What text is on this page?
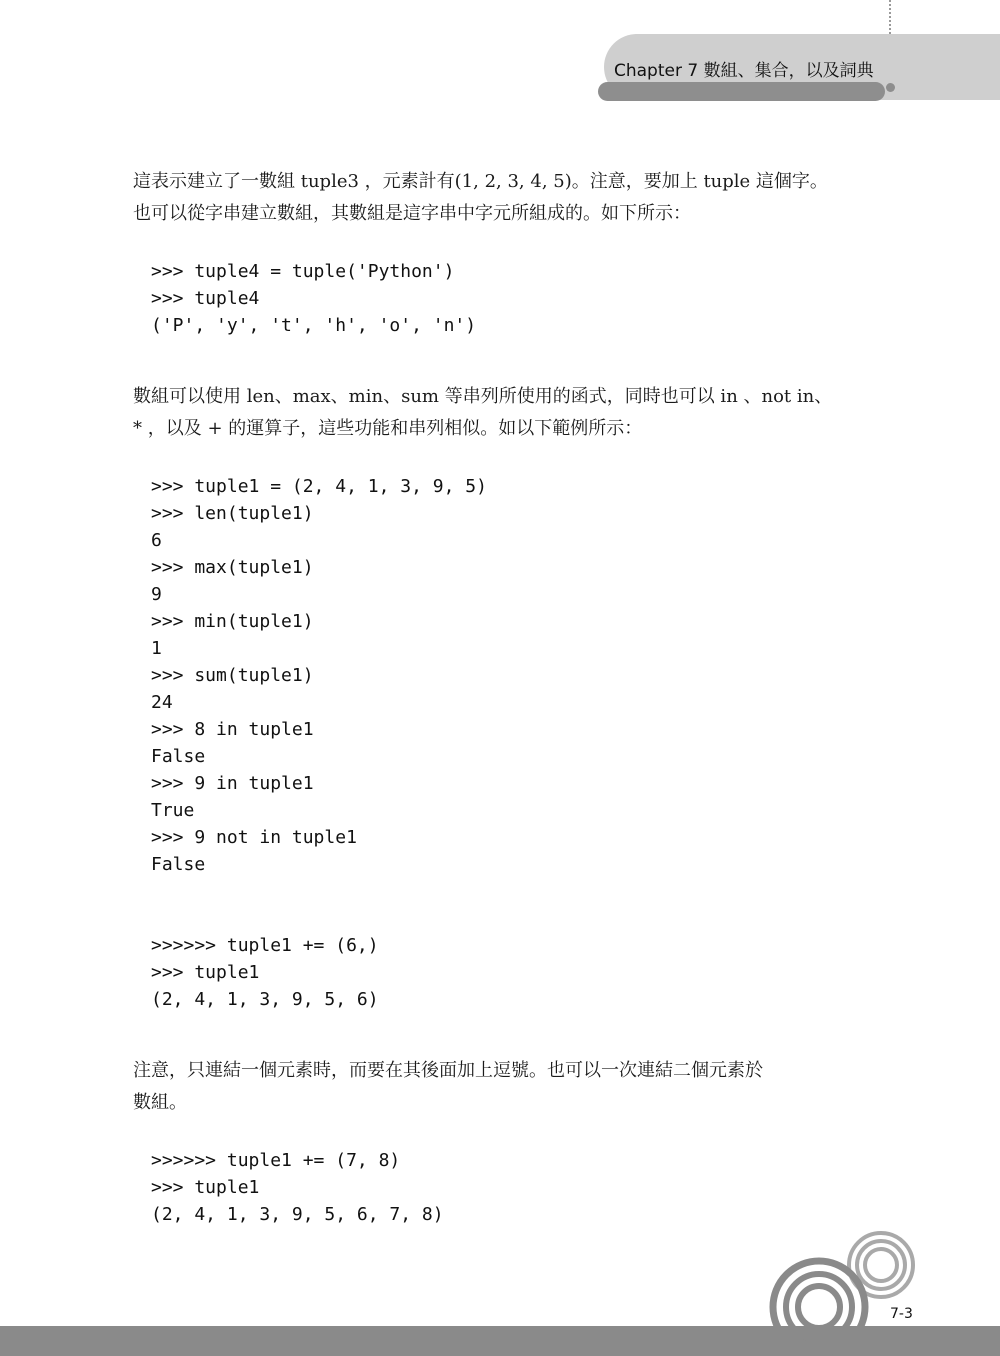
Chapter 7 數組、集合，以及詞典

這表示建立了一數組 tuple3 ，元素計有(1, 2, 3, 4, 5)。注意，要加上 tuple 這個字。

也可以從字串建立數組，其數組是這字串中字元所組成的。如下所示：

>>> tuple4 = tuple('Python')
>>> tuple4
('P', 'y', 't', 'h', 'o', 'n')

數組可以使用 len、max、min、sum 等串列所使用的函式，同時也可以 in 、not in、

* ，以及 + 的運算子，這些功能和串列相似。如以下範例所示：

>>> tuple1 = (2, 4, 1, 3, 9, 5)
>>> len(tuple1)
6
>>> max(tuple1)
9
>>> min(tuple1)
1
>>> sum(tuple1)
24
>>> 8 in tuple1
False
>>> 9 in tuple1
True
>>> 9 not in tuple1
False
>>>>>> tuple1 += (6,)
>>> tuple1
(2, 4, 1, 3, 9, 5, 6)

注意，只連結一個元素時，而要在其後面加上逗號。也可以一次連結二個元素於

數組。

>>>>>> tuple1 += (7, 8)
>>> tuple1
(2, 4, 1, 3, 9, 5, 6, 7, 8)
7-3
